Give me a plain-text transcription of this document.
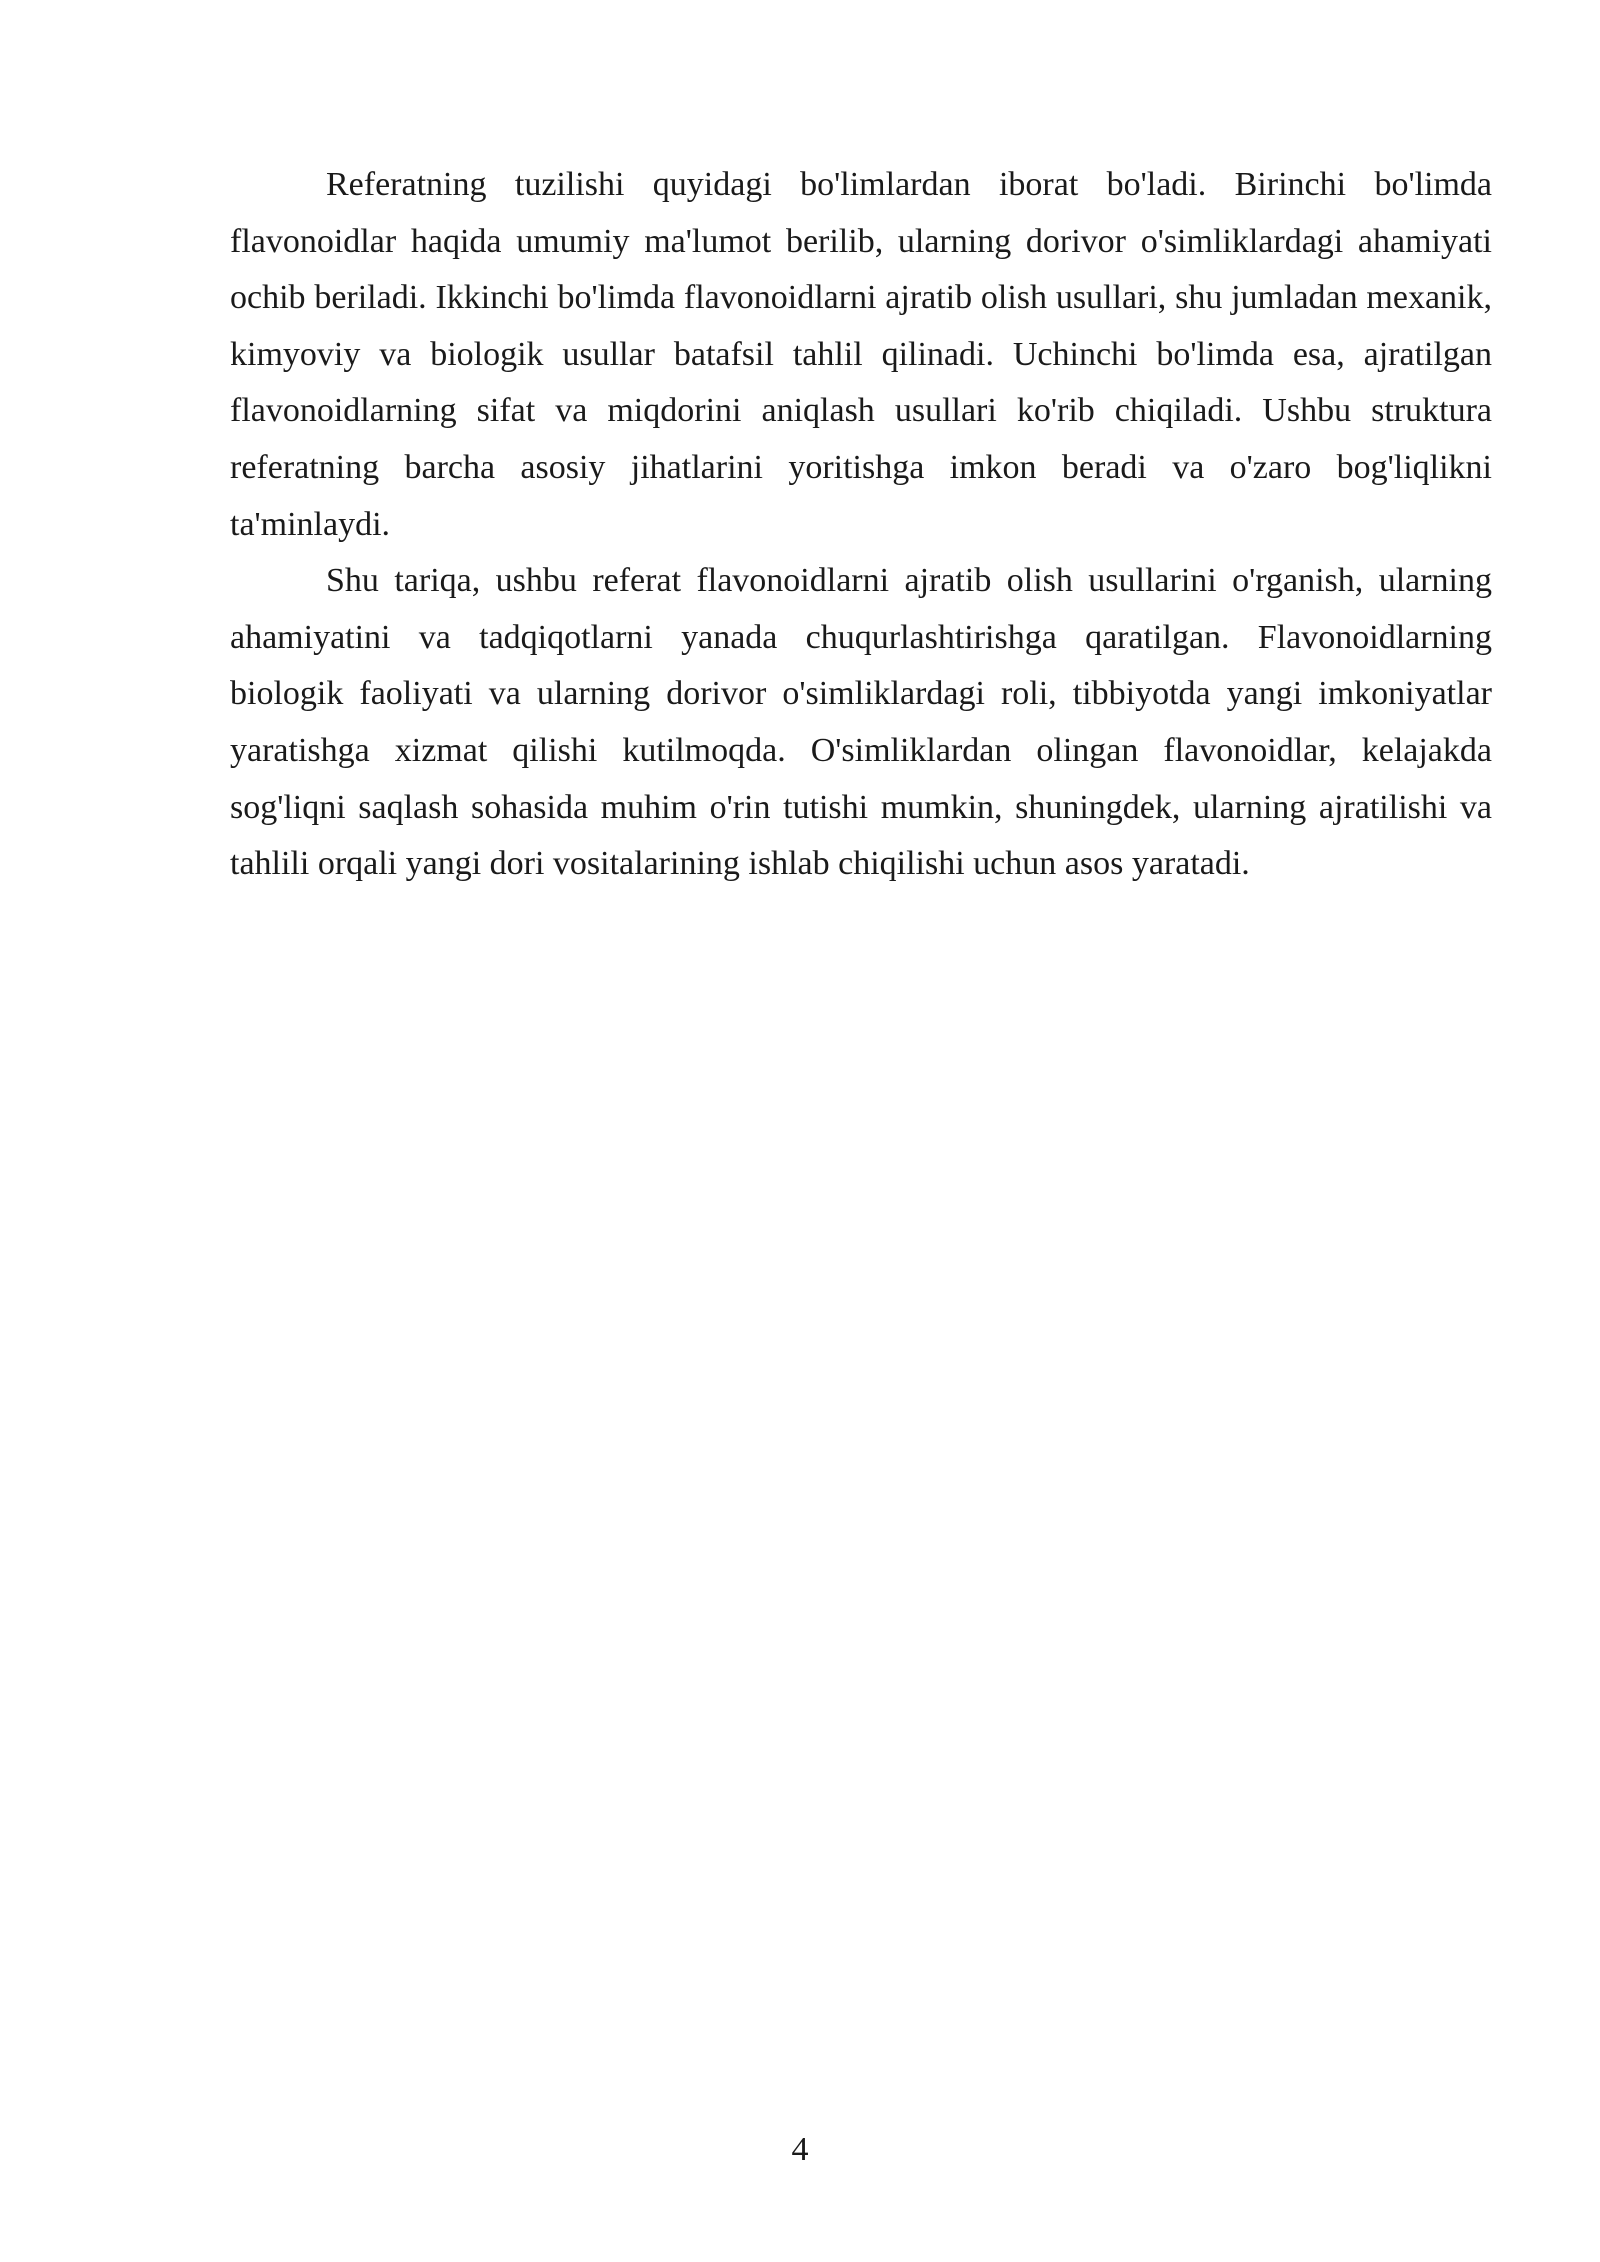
Referatning tuzilishi quyidagi bo'limlardan iborat bo'ladi. Birinchi bo'limda flavonoidlar haqida umumiy ma'lumot berilib, ularning dorivor o'simliklardagi ahamiyati ochib beriladi. Ikkinchi bo'limda flavonoidlarni ajratib olish usullari, shu jumladan mexanik, kimyoviy va biologik usullar batafsil tahlil qilinadi. Uchinchi bo'limda esa, ajratilgan flavonoidlarning sifat va miqdorini aniqlash usullari ko'rib chiqiladi. Ushbu struktura referatning barcha asosiy jihatlarini yoritishga imkon beradi va o'zaro bog'liqlikni ta'minlaydi.

Shu tariqa, ushbu referat flavonoidlarni ajratib olish usullarini o'rganish, ularning ahamiyatini va tadqiqotlarni yanada chuqurlashtirishga qaratilgan. Flavonoidlarning biologik faoliyati va ularning dorivor o'simliklardagi roli, tibbiyotda yangi imkoniyatlar yaratishga xizmat qilishi kutilmoqda. O'simliklardan olingan flavonoidlar, kelajakda sog'liqni saqlash sohasida muhim o'rin tutishi mumkin, shuningdek, ularning ajratilishi va tahlili orqali yangi dori vositalarining ishlab chiqilishi uchun asos yaratadi.

4
